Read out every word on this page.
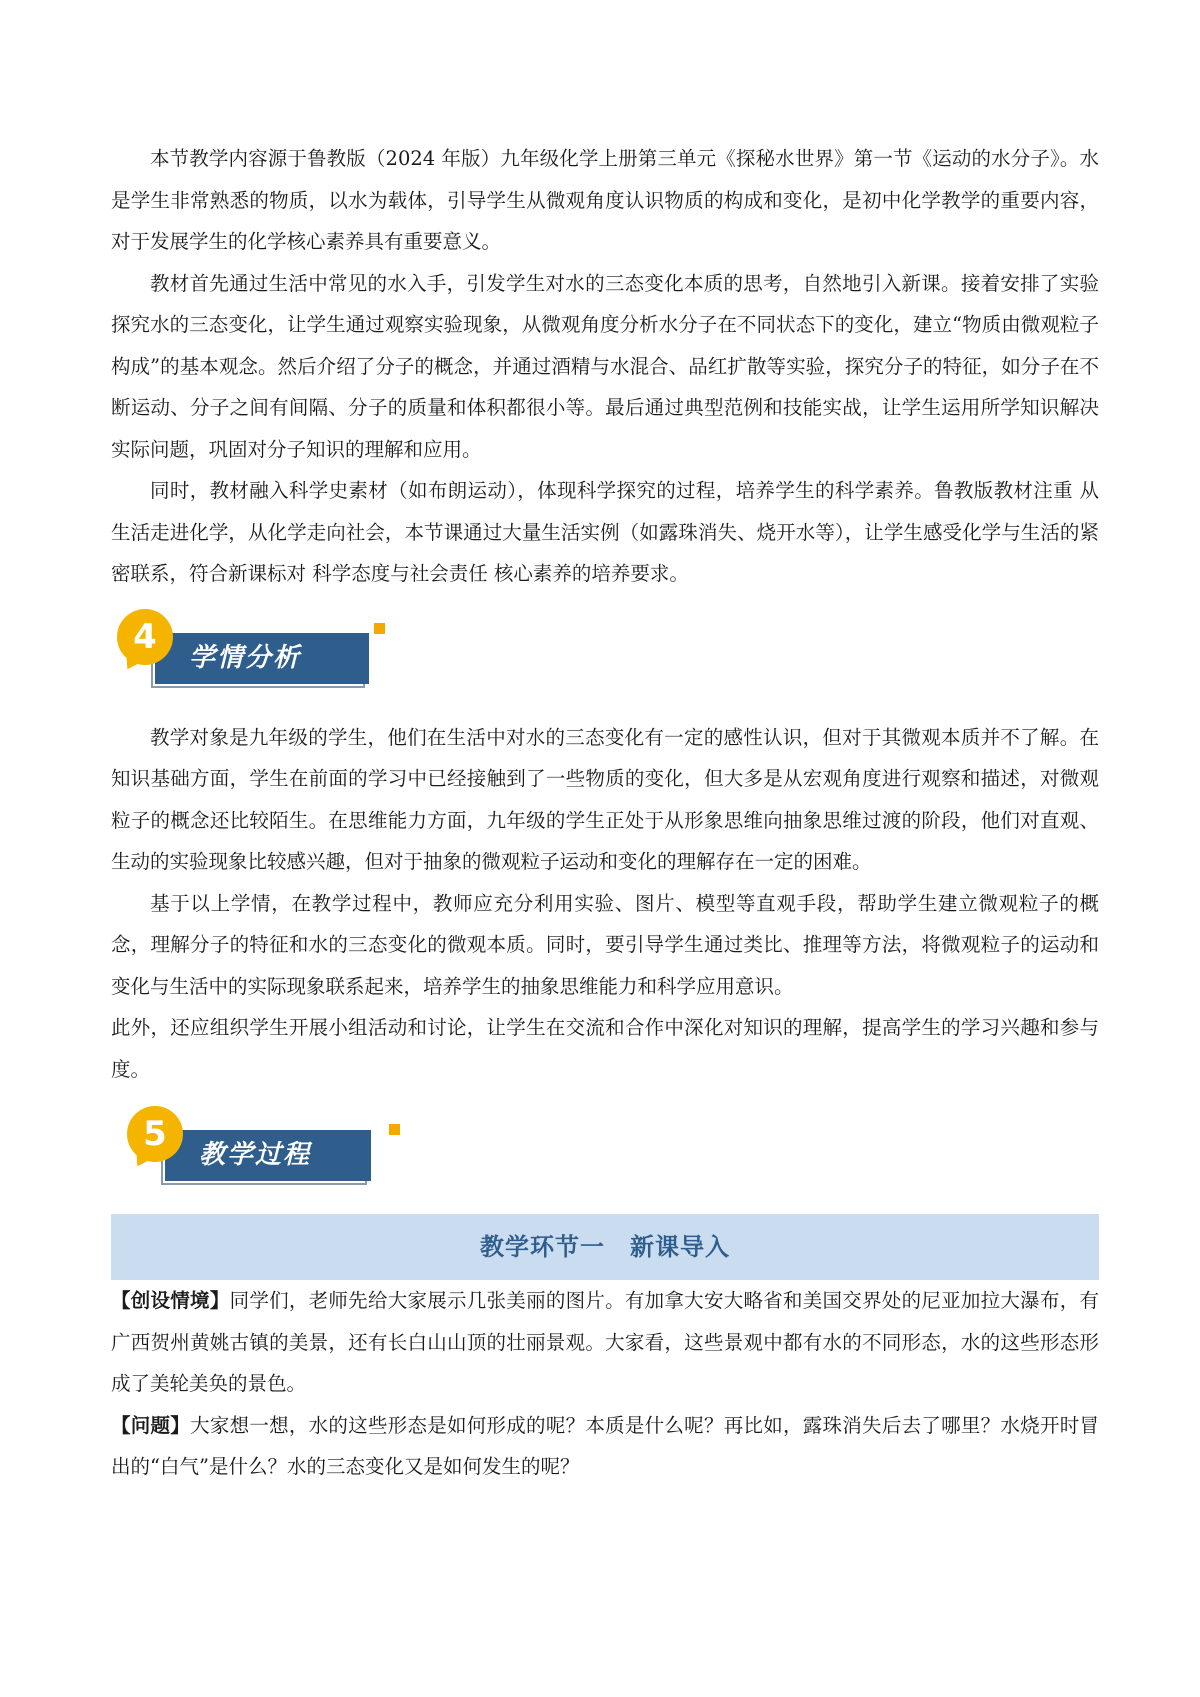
本节教学内容源于鲁教版（2024 年版）九年级化学上册第三单元《探秘水世界》第一节《运动的水分子》。水是学生非常熟悉的物质，以水为载体，引导学生从微观角度认识物质的构成和变化，是初中化学教学的重要内容，对于发展学生的化学核心素养具有重要意义。

教材首先通过生活中常见的水入手，引发学生对水的三态变化本质的思考，自然地引入新课。接着安排了实验探究水的三态变化，让学生通过观察实验现象，从微观角度分析水分子在不同状态下的变化，建立“物质由微观粒子构成”的基本观念。然后介绍了分子的概念，并通过酒精与水混合、品红扩散等实验，探究分子的特征，如分子在不断运动、分子之间有间隔、分子的质量和体积都很小等。最后通过典型范例和技能实战，让学生运用所学知识解决实际问题，巩固对分子知识的理解和应用。

同时，教材融入科学史素材（如布朗运动），体现科学探究的过程，培养学生的科学素养。鲁教版教材注重 从生活走进化学，从化学走向社会，本节课通过大量生活实例（如露珠消失、烧开水等），让学生感受化学与生活的紧密联系，符合新课标对 科学态度与社会责任 核心素养的培养要求。

学情分析
4

教学对象是九年级的学生，他们在生活中对水的三态变化有一定的感性认识，但对于其微观本质并不了解。在知识基础方面，学生在前面的学习中已经接触到了一些物质的变化，但大多是从宏观角度进行观察和描述，对微观粒子的概念还比较陌生。在思维能力方面，九年级的学生正处于从形象思维向抽象思维过渡的阶段，他们对直观、生动的实验现象比较感兴趣，但对于抽象的微观粒子运动和变化的理解存在一定的困难。

基于以上学情，在教学过程中，教师应充分利用实验、图片、模型等直观手段，帮助学生建立微观粒子的概念，理解分子的特征和水的三态变化的微观本质。同时，要引导学生通过类比、推理等方法，将微观粒子的运动和变化与生活中的实际现象联系起来，培养学生的抽象思维能力和科学应用意识。

此外，还应组织学生开展小组活动和讨论，让学生在交流和合作中深化对知识的理解，提高学生的学习兴趣和参与度。

教学过程
5
教学环节一　新课导入

【创设情境】同学们，老师先给大家展示几张美丽的图片。有加拿大安大略省和美国交界处的尼亚加拉大瀑布，有广西贺州黄姚古镇的美景，还有长白山山顶的壮丽景观。大家看，这些景观中都有水的不同形态，水的这些形态形成了美轮美奂的景色。

【问题】大家想一想，水的这些形态是如何形成的呢？本质是什么呢？再比如，露珠消失后去了哪里？水烧开时冒出的“白气”是什么？水的三态变化又是如何发生的呢？
